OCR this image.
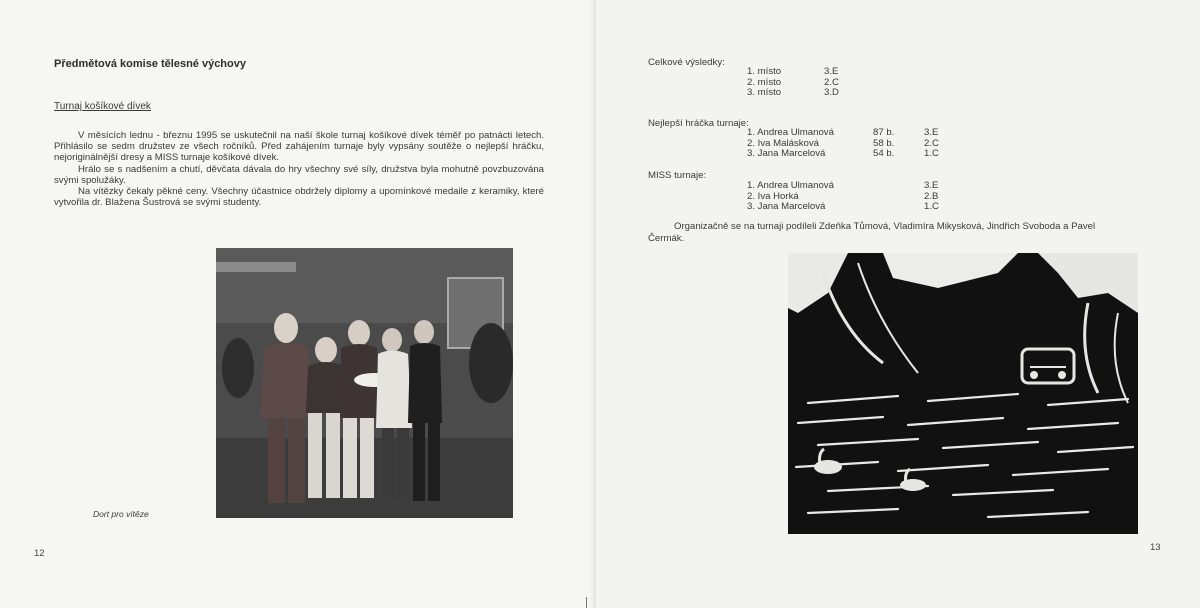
Předmětová komise tělesné výchovy
Turnaj košíkové dívek

V měsících lednu - březnu 1995 se uskutečnil na naší škole turnaj košíkové dívek téměř po patnácti letech. Přihlásilo se sedm družstev ze všech ročníků. Před zahájením turnaje byly vypsány soutěže o nejlepší hráčku, nejoriginálnější dresy a MISS turnaje košíkové dívek.

Hrálo se s nadšením a chutí, děvčata dávala do hry všechny své síly, družstva byla mohutně povzbuzována svými spolužáky.

Na vítězky čekaly pěkné ceny. Všechny účastnice obdržely diplomy a upomínkové medaile z keramiky, které vytvořila dr. Blažena Šustrová se svými studenty.

Dort pro vítěze
12
Celkové výsledky:
1. místo	3.E
2. místo	2.C
3. místo	3.D
Nejlepší hráčka turnaje:
1. Andrea Ulmanová	87 b.	3.E
2. Iva Malásková	58 b.	2.C
3. Jana Marcelová	54 b.	1.C
MISS turnaje:
1. Andrea Ulmanová	3.E
2. Iva Horká	2.B
3. Jana Marcelová	1.C
Organizačně se na turnaji podíleli Zdeňka Tůmová, Vladimíra Mikysková, Jindřich Svoboda a Pavel
Čermák.
13
